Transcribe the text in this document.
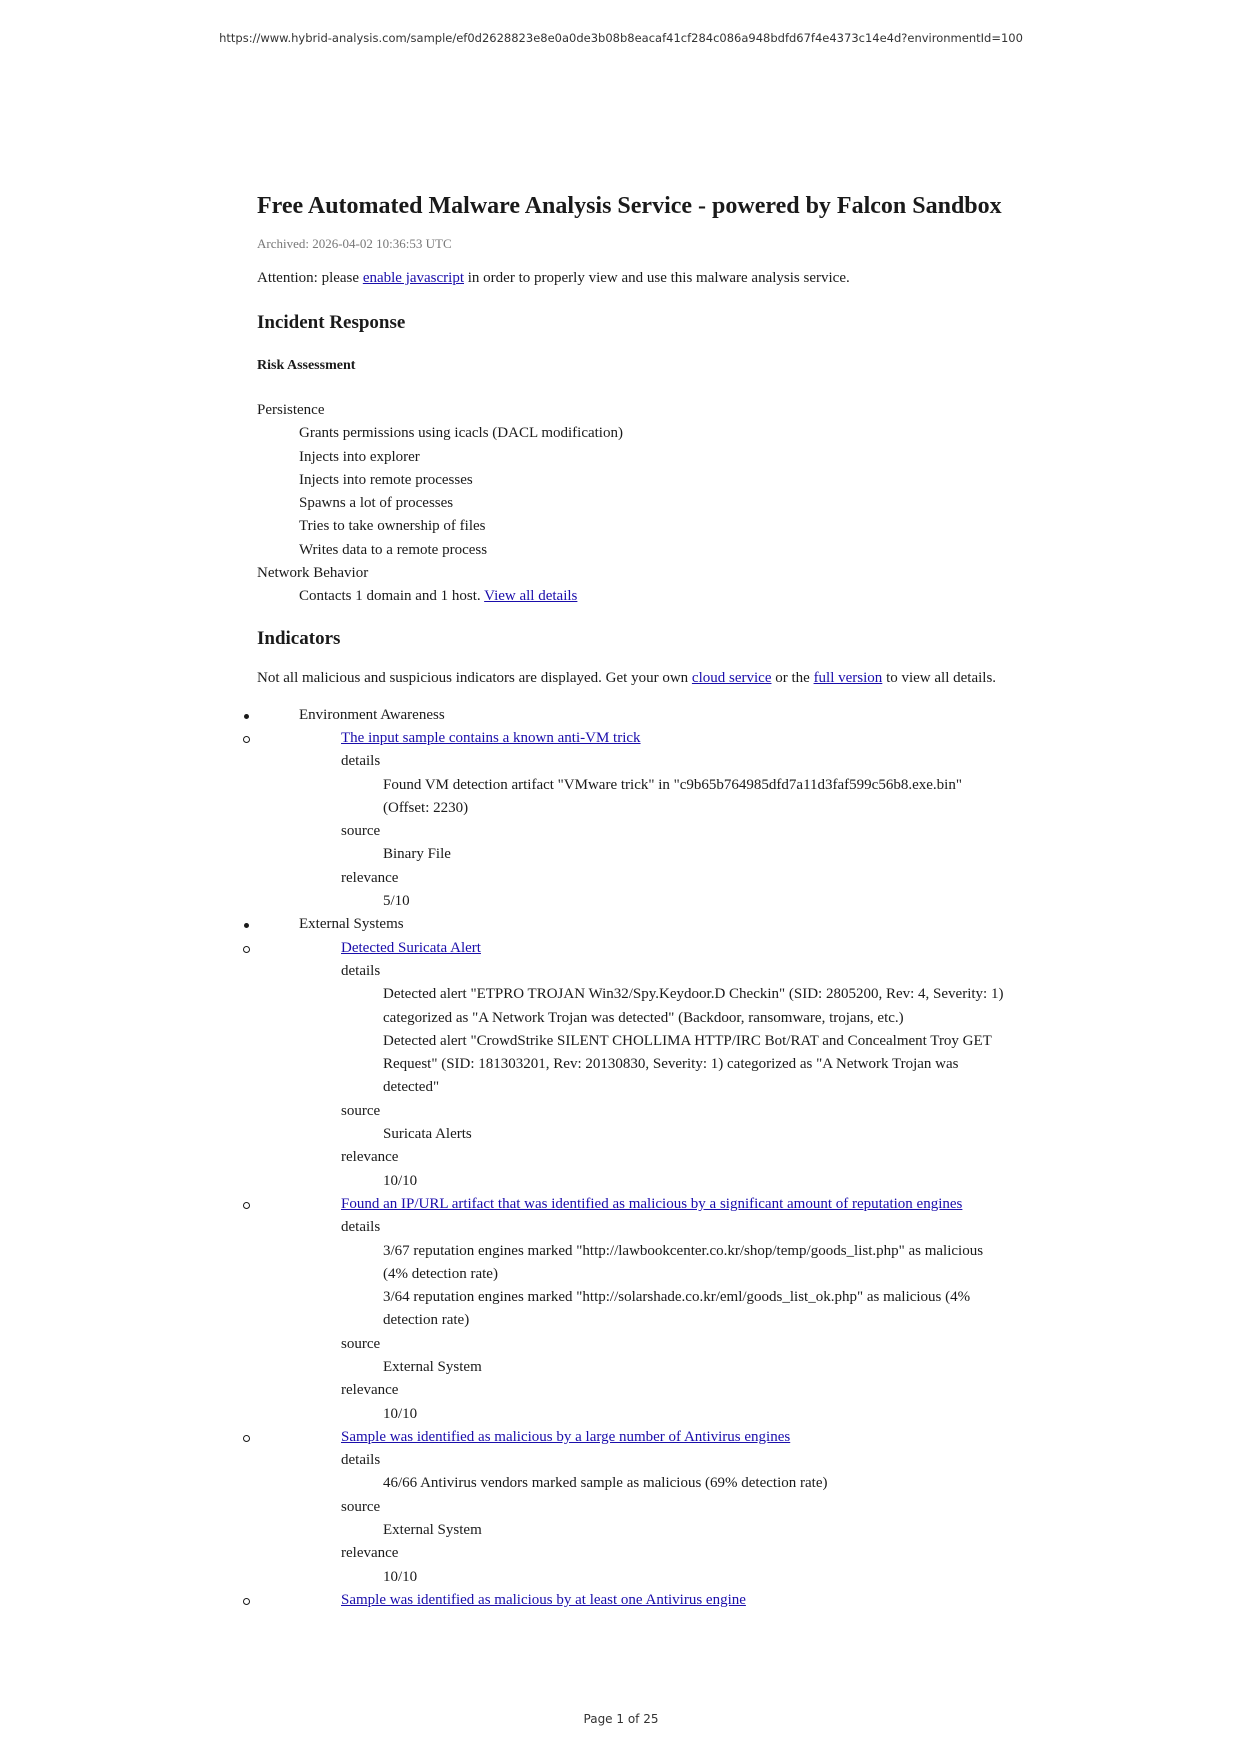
https://www.hybrid-analysis.com/sample/ef0d2628823e8e0a0de3b08b8eacaf41cf284c086a948bdfd67f4e4373c14e4d?environmentId=100
Free Automated Malware Analysis Service - powered by Falcon Sandbox
Archived: 2026-04-02 10:36:53 UTC
Attention: please enable javascript in order to properly view and use this malware analysis service.
Incident Response
Risk Assessment
Persistence
Grants permissions using icacls (DACL modification)
Injects into explorer
Injects into remote processes
Spawns a lot of processes
Tries to take ownership of files
Writes data to a remote process
Network Behavior
Contacts 1 domain and 1 host. View all details
Indicators
Not all malicious and suspicious indicators are displayed. Get your own cloud service or the full version to view all details.
Environment Awareness
The input sample contains a known anti-VM trick
details
Found VM detection artifact "VMware trick" in "c9b65b764985dfd7a11d3faf599c56b8.exe.bin"
(Offset: 2230)
source
Binary File
relevance
5/10
External Systems
Detected Suricata Alert
details
Detected alert "ETPRO TROJAN Win32/Spy.Keydoor.D Checkin" (SID: 2805200, Rev: 4, Severity: 1)
categorized as "A Network Trojan was detected" (Backdoor, ransomware, trojans, etc.)
Detected alert "CrowdStrike SILENT CHOLLIMA HTTP/IRC Bot/RAT and Concealment Troy GET
Request" (SID: 181303201, Rev: 20130830, Severity: 1) categorized as "A Network Trojan was
detected"
source
Suricata Alerts
relevance
10/10
Found an IP/URL artifact that was identified as malicious by a significant amount of reputation engines
details
3/67 reputation engines marked "http://lawbookcenter.co.kr/shop/temp/goods_list.php" as malicious
(4% detection rate)
3/64 reputation engines marked "http://solarshade.co.kr/eml/goods_list_ok.php" as malicious (4%
detection rate)
source
External System
relevance
10/10
Sample was identified as malicious by a large number of Antivirus engines
details
46/66 Antivirus vendors marked sample as malicious (69% detection rate)
source
External System
relevance
10/10
Sample was identified as malicious by at least one Antivirus engine
Page 1 of 25
